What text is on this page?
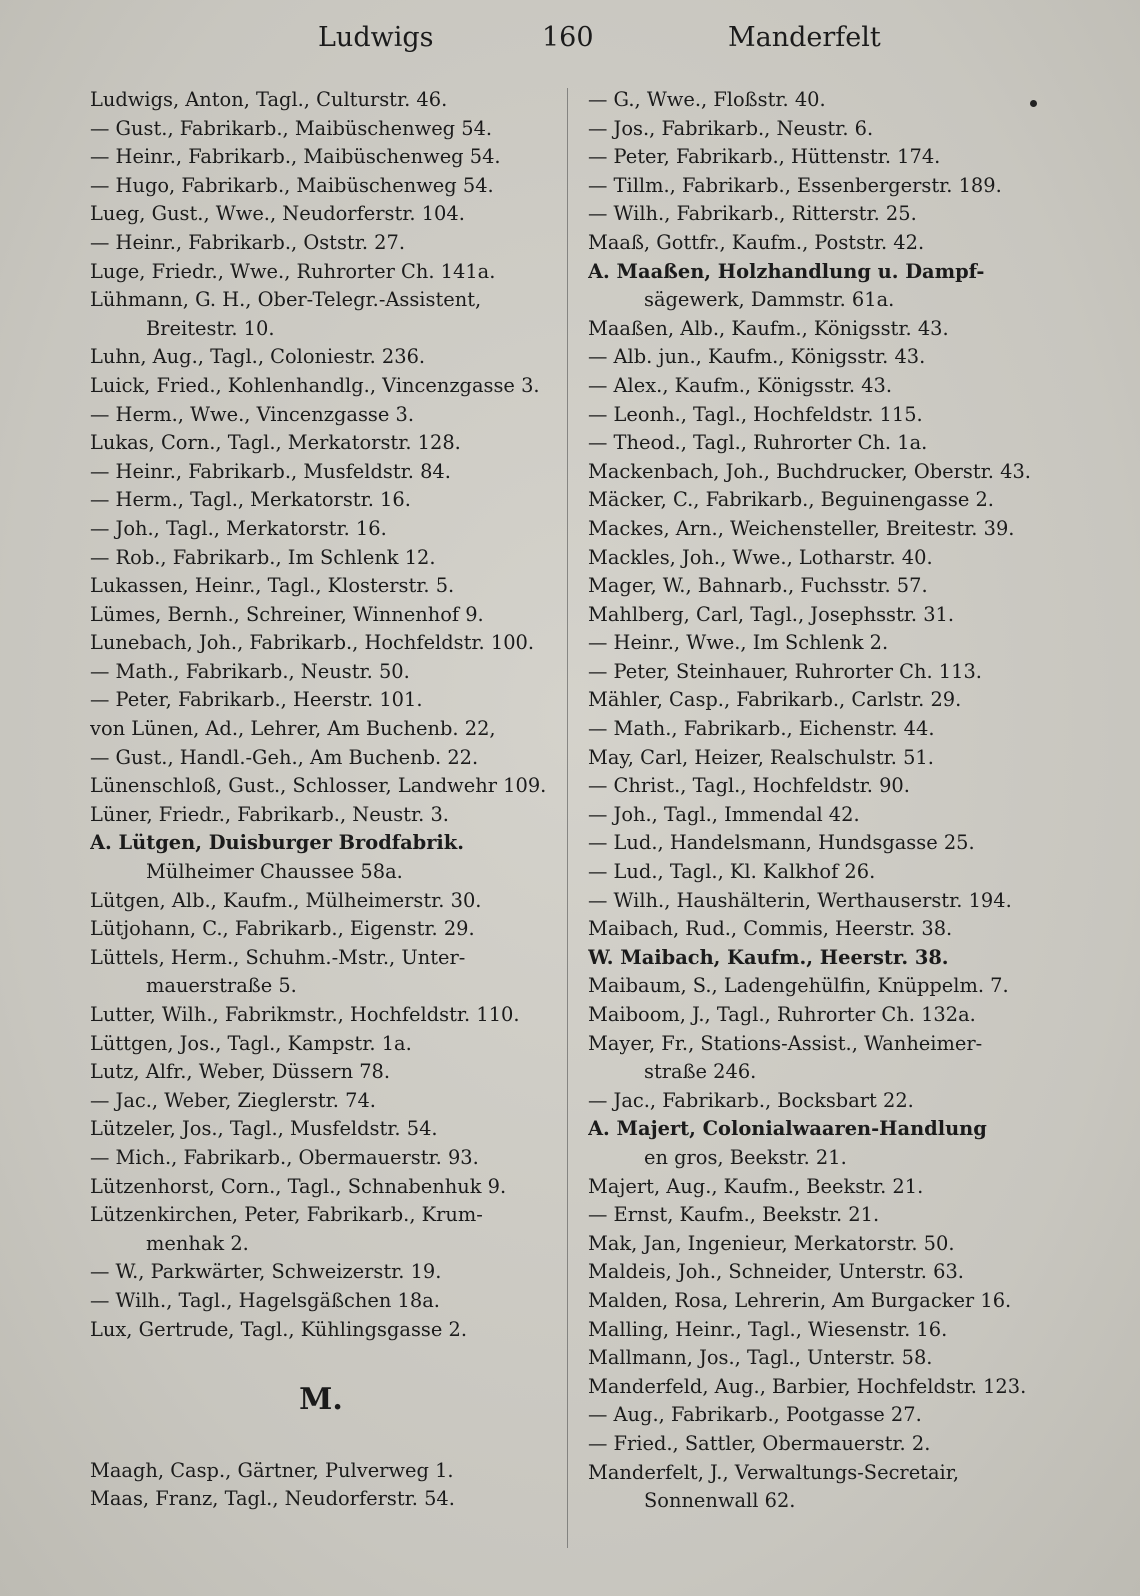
Ludwigs	160	Manderfelt
Ludwigs, Anton, Tagl., Culturstr. 46.
— Gust., Fabrikarb., Maibüschenweg 54.
— Heinr., Fabrikarb., Maibüschenweg 54.
— Hugo, Fabrikarb., Maibüschenweg 54.
Lueg, Gust., Wwe., Neudorferstr. 104.
— Heinr., Fabrikarb., Oststr. 27.
Luge, Friedr., Wwe., Ruhrorter Ch. 141a.
Lühmann, G. H., Ober-Telegr.-Assistent,
Breitestr. 10.
Luhn, Aug., Tagl., Coloniestr. 236.
Luick, Fried., Kohlenhandlg., Vincenzgasse 3.
— Herm., Wwe., Vincenzgasse 3.
Lukas, Corn., Tagl., Merkatorstr. 128.
— Heinr., Fabrikarb., Musfeldstr. 84.
— Herm., Tagl., Merkatorstr. 16.
— Joh., Tagl., Merkatorstr. 16.
— Rob., Fabrikarb., Im Schlenk 12.
Lukassen, Heinr., Tagl., Klosterstr. 5.
Lümes, Bernh., Schreiner, Winnenhof 9.
Lunebach, Joh., Fabrikarb., Hochfeldstr. 100.
— Math., Fabrikarb., Neustr. 50.
— Peter, Fabrikarb., Heerstr. 101.
von Lünen, Ad., Lehrer, Am Buchenb. 22,
— Gust., Handl.-Geh., Am Buchenb. 22.
Lünenschloß, Gust., Schlosser, Landwehr 109.
Lüner, Friedr., Fabrikarb., Neustr. 3.
A. Lütgen, Duisburger Brodfabrik.
Mülheimer Chaussee 58a.
Lütgen, Alb., Kaufm., Mülheimerstr. 30.
Lütjohann, C., Fabrikarb., Eigenstr. 29.
Lüttels, Herm., Schuhm.-Mstr., Unter-
mauerstraße 5.
Lutter, Wilh., Fabrikmstr., Hochfeldstr. 110.
Lüttgen, Jos., Tagl., Kampstr. 1a.
Lutz, Alfr., Weber, Düssern 78.
— Jac., Weber, Zieglerstr. 74.
Lützeler, Jos., Tagl., Musfeldstr. 54.
— Mich., Fabrikarb., Obermauerstr. 93.
Lützenhorst, Corn., Tagl., Schnabenhuk 9.
Lützenkirchen, Peter, Fabrikarb., Krum-
menhak 2.
— W., Parkwärter, Schweizerstr. 19.
— Wilh., Tagl., Hagelsgäßchen 18a.
Lux, Gertrude, Tagl., Kühlingsgasse 2.
M.
Maagh, Casp., Gärtner, Pulverweg 1.
Maas, Franz, Tagl., Neudorferstr. 54.
— G., Wwe., Floßstr. 40.
— Jos., Fabrikarb., Neustr. 6.
— Peter, Fabrikarb., Hüttenstr. 174.
— Tillm., Fabrikarb., Essenbergerstr. 189.
— Wilh., Fabrikarb., Ritterstr. 25.
Maaß, Gottfr., Kaufm., Poststr. 42.
A. Maaßen, Holzhandlung u. Dampf-
sägewerk, Dammstr. 61a.
Maaßen, Alb., Kaufm., Königsstr. 43.
— Alb. jun., Kaufm., Königsstr. 43.
— Alex., Kaufm., Königsstr. 43.
— Leonh., Tagl., Hochfeldstr. 115.
— Theod., Tagl., Ruhrorter Ch. 1a.
Mackenbach, Joh., Buchdrucker, Oberstr. 43.
Mäcker, C., Fabrikarb., Beguinengasse 2.
Mackes, Arn., Weichensteller, Breitestr. 39.
Mackles, Joh., Wwe., Lotharstr. 40.
Mager, W., Bahnarb., Fuchsstr. 57.
Mahlberg, Carl, Tagl., Josephsstr. 31.
— Heinr., Wwe., Im Schlenk 2.
— Peter, Steinhauer, Ruhrorter Ch. 113.
Mähler, Casp., Fabrikarb., Carlstr. 29.
— Math., Fabrikarb., Eichenstr. 44.
May, Carl, Heizer, Realschulstr. 51.
— Christ., Tagl., Hochfeldstr. 90.
— Joh., Tagl., Immendal 42.
— Lud., Handelsmann, Hundsgasse 25.
— Lud., Tagl., Kl. Kalkhof 26.
— Wilh., Haushälterin, Werthauserstr. 194.
Maibach, Rud., Commis, Heerstr. 38.
W. Maibach, Kaufm., Heerstr. 38.
Maibaum, S., Ladengehülfin, Knüppelm. 7.
Maiboom, J., Tagl., Ruhrorter Ch. 132a.
Mayer, Fr., Stations-Assist., Wanheimer-
straße 246.
— Jac., Fabrikarb., Bocksbart 22.
A. Majert, Colonialwaaren-Handlung
en gros, Beekstr. 21.
Majert, Aug., Kaufm., Beekstr. 21.
— Ernst, Kaufm., Beekstr. 21.
Mak, Jan, Ingenieur, Merkatorstr. 50.
Maldeis, Joh., Schneider, Unterstr. 63.
Malden, Rosa, Lehrerin, Am Burgacker 16.
Malling, Heinr., Tagl., Wiesenstr. 16.
Mallmann, Jos., Tagl., Unterstr. 58.
Manderfeld, Aug., Barbier, Hochfeldstr. 123.
— Aug., Fabrikarb., Pootgasse 27.
— Fried., Sattler, Obermauerstr. 2.
Manderfelt, J., Verwaltungs-Secretair,
Sonnenwall 62.
